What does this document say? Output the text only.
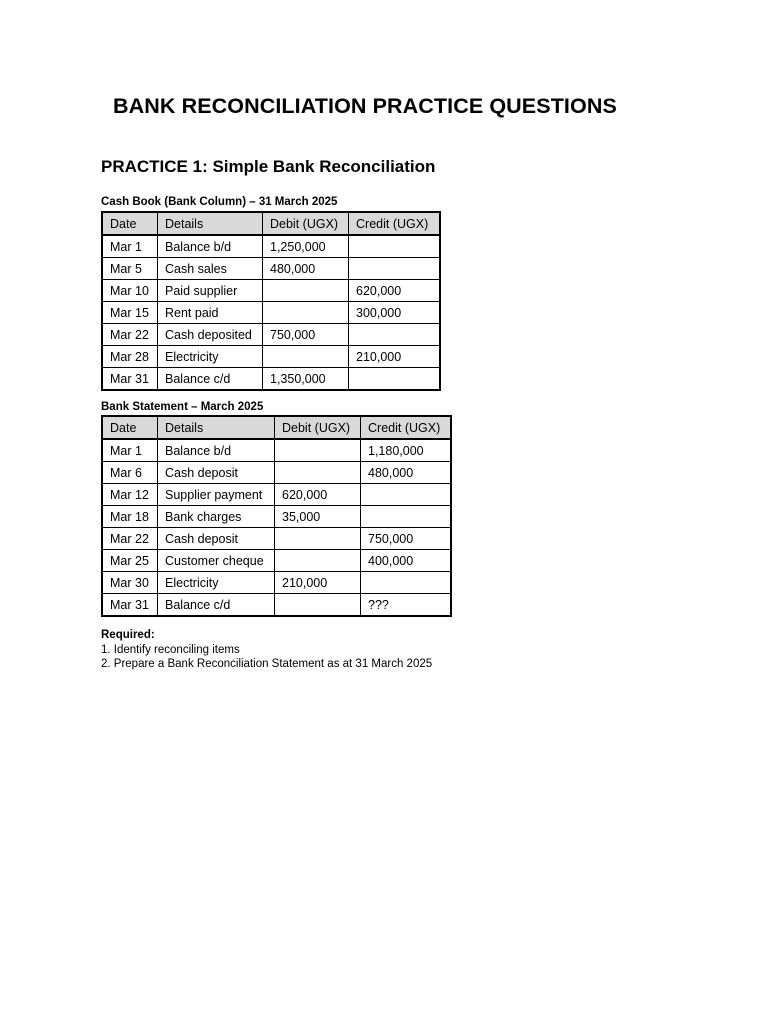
BANK RECONCILIATION PRACTICE QUESTIONS
PRACTICE 1: Simple Bank Reconciliation
Cash Book (Bank Column) – 31 March 2025
Date	Details	Debit (UGX)	Credit (UGX)
Mar 1	Balance b/d	1,250,000	
Mar 5	Cash sales	480,000	
Mar 10	Paid supplier		620,000
Mar 15	Rent paid		300,000
Mar 22	Cash deposited	750,000	
Mar 28	Electricity		210,000
Mar 31	Balance c/d	1,350,000	
Bank Statement – March 2025
Date	Details	Debit (UGX)	Credit (UGX)
Mar 1	Balance b/d		1,180,000
Mar 6	Cash deposit		480,000
Mar 12	Supplier payment	620,000	
Mar 18	Bank charges	35,000	
Mar 22	Cash deposit		750,000
Mar 25	Customer cheque		400,000
Mar 30	Electricity	210,000	
Mar 31	Balance c/d		???
Required:
1. Identify reconciling items
2. Prepare a Bank Reconciliation Statement as at 31 March 2025
